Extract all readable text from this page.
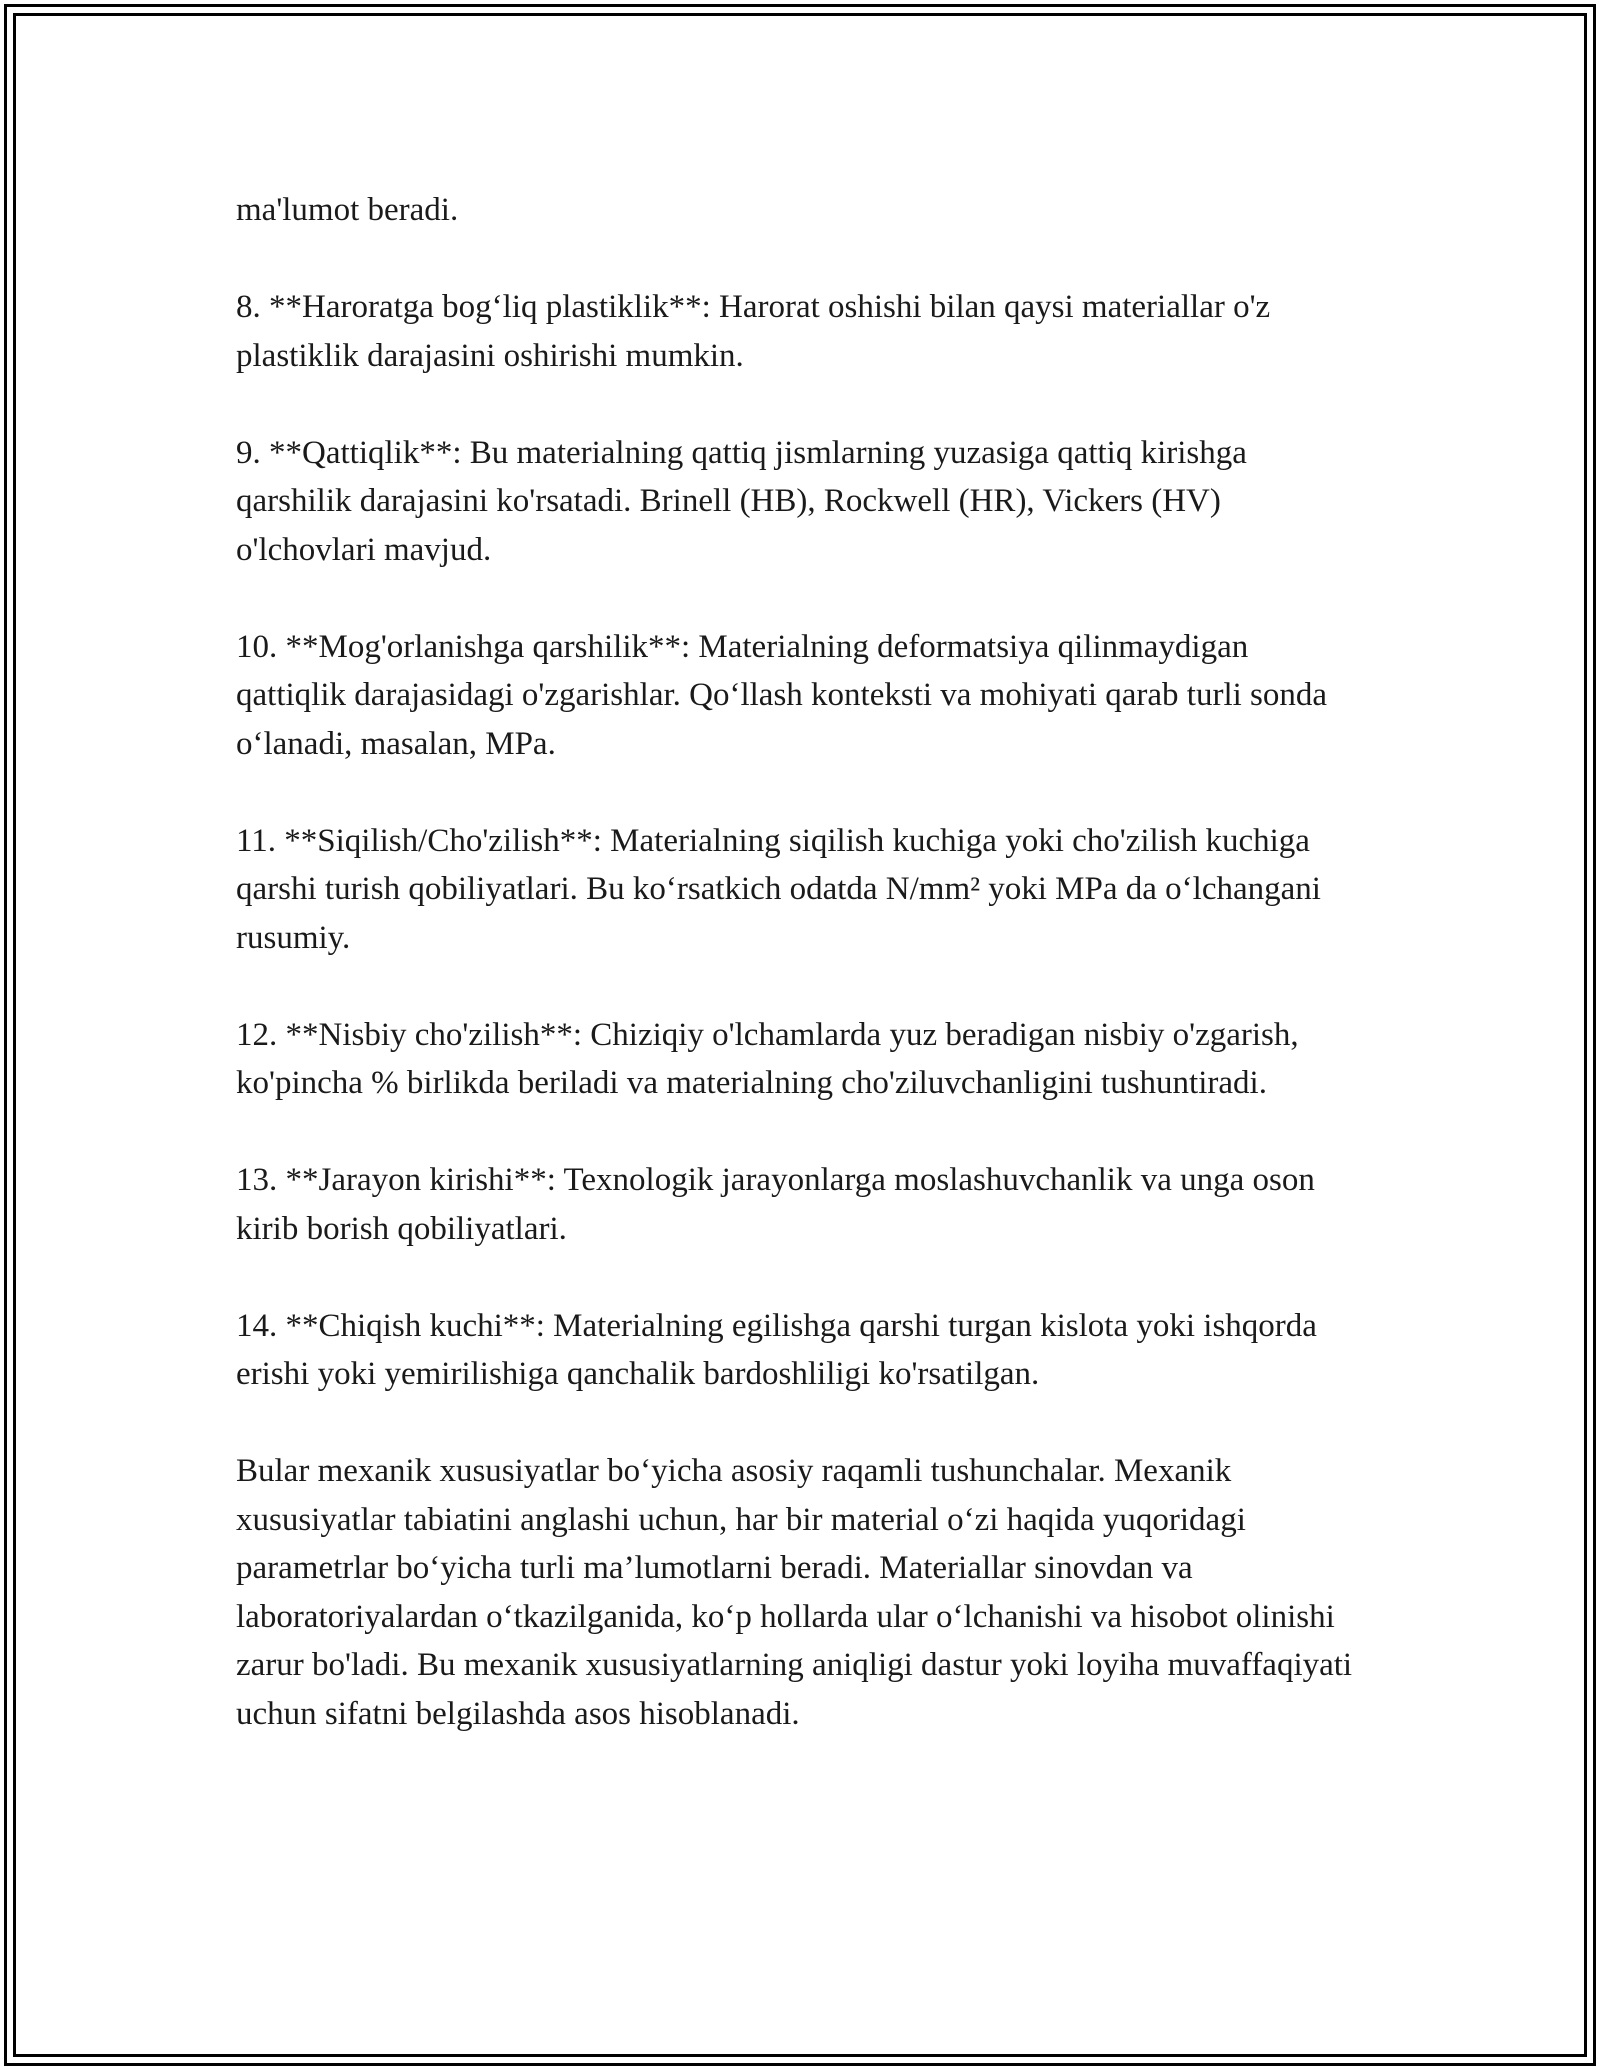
ma'lumot beradi.

8. **Haroratga bog‘liq plastiklik**: Harorat oshishi bilan qaysi materiallar o'z plastiklik darajasini oshirishi mumkin.

9. **Qattiqlik**: Bu materialning qattiq jismlarning yuzasiga qattiq kirishga qarshilik darajasini ko'rsatadi. Brinell (HB), Rockwell (HR), Vickers (HV) o'lchovlari mavjud.

10. **Mog'orlanishga qarshilik**: Materialning deformatsiya qilinmaydigan qattiqlik darajasidagi o'zgarishlar. Qo‘llash konteksti va mohiyati qarab turli sonda o‘lanadi, masalan, MPa.

11. **Siqilish/Cho'zilish**: Materialning siqilish kuchiga yoki cho'zilish kuchiga qarshi turish qobiliyatlari. Bu ko‘rsatkich odatda N/mm² yoki MPa da o‘lchangani rusumiy.

12. **Nisbiy cho'zilish**: Chiziqiy o'lchamlarda yuz beradigan nisbiy o'zgarish, ko'pincha % birlikda beriladi va materialning cho'ziluvchanligini tushuntiradi.

13. **Jarayon kirishi**: Texnologik jarayonlarga moslashuvchanlik va unga oson kirib borish qobiliyatlari.

14. **Chiqish kuchi**: Materialning egilishga qarshi turgan kislota yoki ishqorda erishi yoki yemirilishiga qanchalik bardoshliligi ko'rsatilgan.

Bular mexanik xususiyatlar bo‘yicha asosiy raqamli tushunchalar. Mexanik xususiyatlar tabiatini anglashi uchun, har bir material o‘zi haqida yuqoridagi parametrlar bo‘yicha turli ma’lumotlarni beradi. Materiallar sinovdan va laboratoriyalardan o‘tkazilganida, ko‘p hollarda ular o‘lchanishi va hisobot olinishi zarur bo'ladi. Bu mexanik xususiyatlarning aniqligi dastur yoki loyiha muvaffaqiyati uchun sifatni belgilashda asos hisoblanadi.
